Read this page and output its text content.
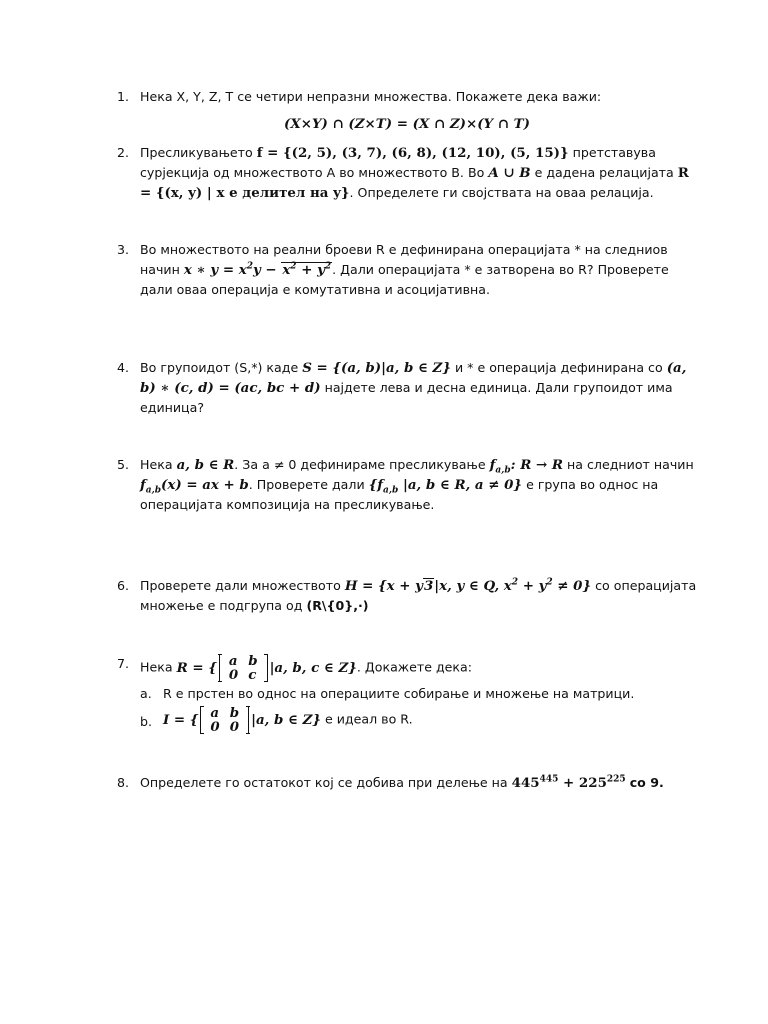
1. Нека X, Y, Z, T се четири непразни множества. Покажете дека важи:
(X×Y) ∩ (Z×T) = (X ∩ Z)×(Y ∩ T)
2. Пресликувањето f = {(2, 5), (3, 7), (6, 8), (12, 10), (5, 15)} претставува сурјекција од множеството A во множеството B. Во A ∪ B е дадена релацијата R = {(x, y) | x е делител на y}. Определете ги својствата на оваа релација.
3. Во множеството на реални броеви R е дефинирана операцијата * на следниов начин x ∗ $y = x^2y - x^2 + y^2$. Дали операцијата * е затворена во R? Проверете дали оваа операција е комутативна и асоцијативна.
4. Во групоидот (S,*) каде S = {(a, b)|a, b ∈ Z} и * е операција дефинирана со (a, b) ∗ (c, d) = (ac, bc + d) најдете лева и десна единица. Дали групоидот има единица?
5. Нека a, b ∈ R. За a ≠ 0 дефинираме пресликување $f_{a,b}$: R → R на следниот начин $f_{a,b}(x)$ = ax + b. Проверете дали {$f_{a,b}$ |a, b ∈ R, a ≠ 0} е група во однос на операцијата композиција на пресликување.
6. Проверете дали множеството H = {x + y3|x, y ∈ Q, $x^2 + y^2 \ne 0$} со операцијата множење е подгрупа од (R\{0},·)
7. Нека R = { a	b
0	c |a, b, c ∈ Z}. Докажете дека:
a. R е прстен во однос на операциите собирање и множење на матрици.
b. I = { a	b
0	0 |a, b ∈ Z} е идеал во R.
8. Определете го остатокот кој се добива при делење на $445^{445} + 225^{225}$ со 9.
